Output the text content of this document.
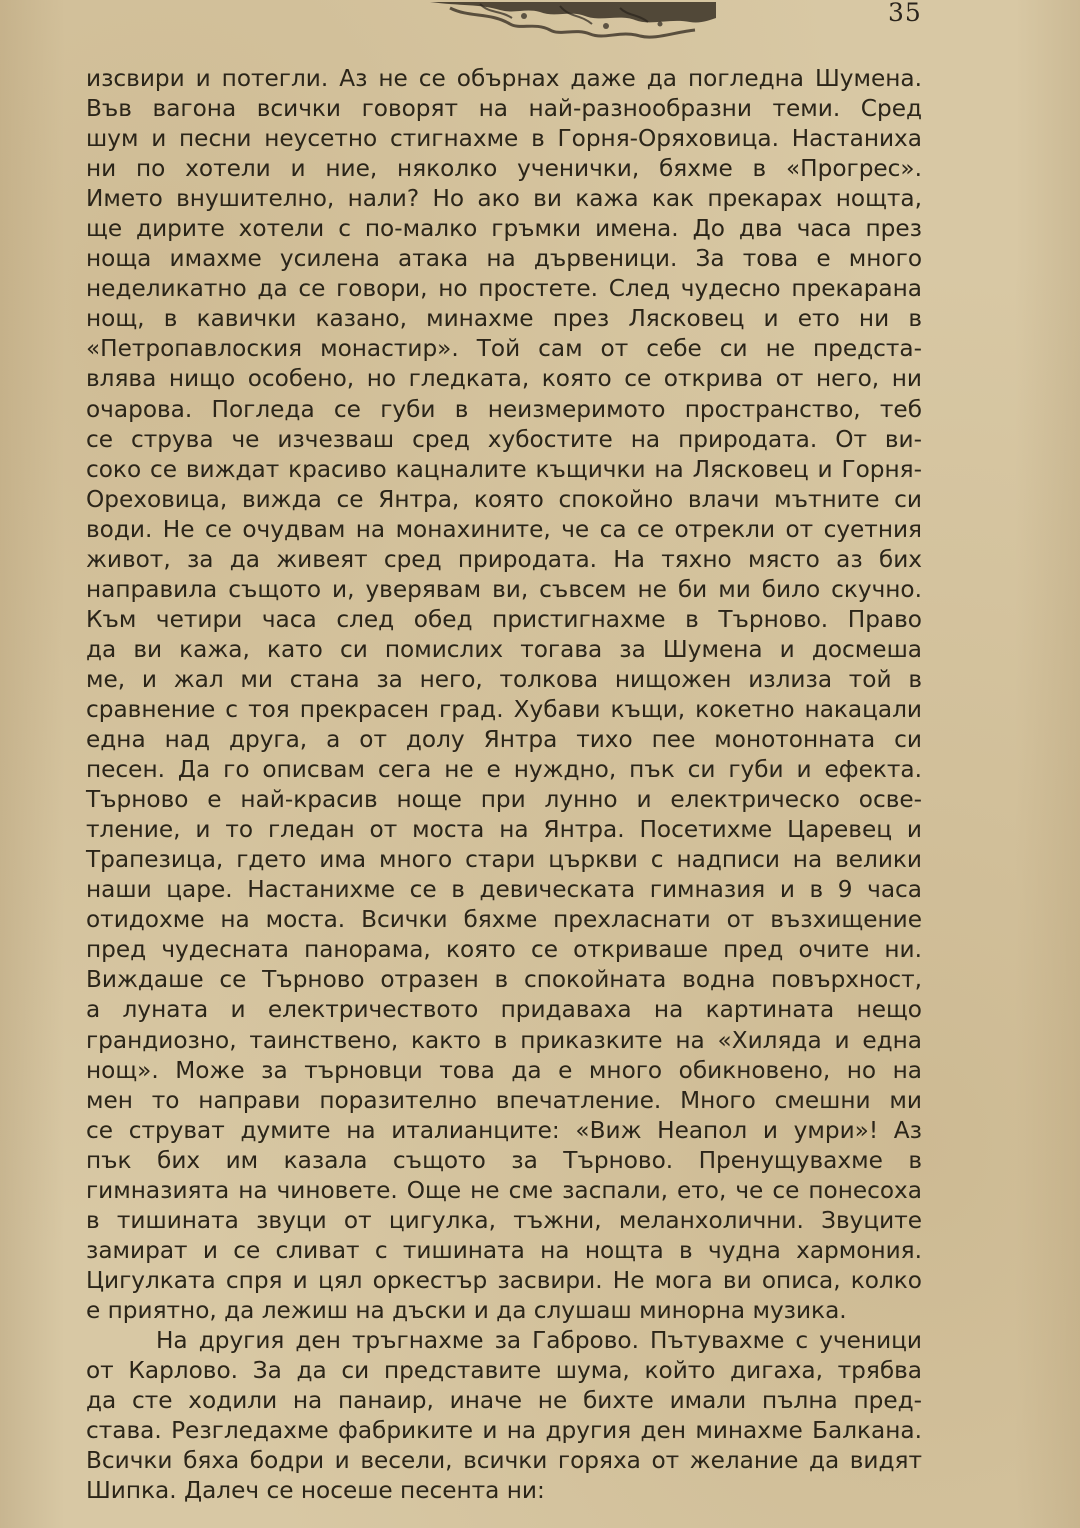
35
изсвири и потегли. Аз не се обърнах даже да погледна Шумена.
Във вагона всички говорят на най-разнообразни теми. Сред
шум и песни неусетно стигнахме в Горня-Оряховица. Настаниха
ни по хотели и ние, няколко ученички, бяхме в «Прогрес».
Името внушително, нали? Но ако ви кажа как прекарах нощта,
ще дирите хотели с по-малко гръмки имена. До два часа през
ноща имахме усилена атака на дървеници. За това е много
неделикатно да се говори, но простете. След чудесно прекарана
нощ, в кавички казано, минахме през Лясковец и ето ни в
«Петропавлоския монастир». Той сам от себе си не предста-
влява нищо особено, но гледката, която се открива от него, ни
очарова. Погледа се губи в неизмеримото пространство, теб
се струва че изчезваш сред хубостите на природата. От ви-
соко се виждат красиво кацналите къщички на Лясковец и Горня-
Ореховица, вижда се Янтра, която спокойно влачи мътните си
води. Не се очудвам на монахините, че са се отрекли от суетния
живот, за да живеят сред природата. На тяхно място аз бих
направила същото и, уверявам ви, съвсем не би ми било скучно.
Към четири часа след обед пристигнахме в Търново. Право
да ви кажа, като си помислих тогава за Шумена и досмеша
ме, и жал ми стана за него, толкова нищожен излиза той в
сравнение с тоя прекрасен град. Хубави къщи, кокетно накацали
една над друга, а от долу Янтра тихо пее монотонната си
песен. Да го описвам сега не е нуждно, пък си губи и ефекта.
Търново е най-красив нощe при лунно и електрическо осве-
тление, и то гледан от моста на Янтра. Посетихме Царевец и
Трапезица, гдето има много стари църкви с надписи на велики
наши царе. Настанихме се в девическата гимназия и в 9 часа
отидохме на моста. Всички бяхме прехласнати от възхищение
пред чудесната панорама, която се откриваше пред очите ни.
Виждаше се Търново отразен в спокойната водна повърхност,
а луната и електричеството придаваха на картината нещо
грандиозно, таинствено, както в приказките на «Хиляда и една
нощ». Може за търновци това да е много обикновено, но на
мен то направи поразително впечатление. Много смешни ми
се струват думите на италианците: «Виж Неапол и умри»! Аз
пък бих им казала същото за Търново. Пренущувахме в
гимназията на чиновете. Още не сме заспали, ето, че се понесоха
в тишината звуци от цигулка, тъжни, меланхолични. Звуците
замират и се сливат с тишината на нощта в чудна хармония.
Цигулката спря и цял оркестър засвири. Не мога ви описа, колко
е приятно, да лежиш на дъски и да слушаш минорна музика.
На другия ден тръгнахме за Габрово. Пътувахме с ученици
от Карлово. За да си представите шума, който дигаха, трябва
да сте ходили на панаир, иначе не бихте имали пълна пред-
става. Резгледахме фабриките и на другия ден минахме Балкана.
Всички бяха бодри и весели, всички горяха от желание да видят
Шипка. Далеч се носеше песента ни:
